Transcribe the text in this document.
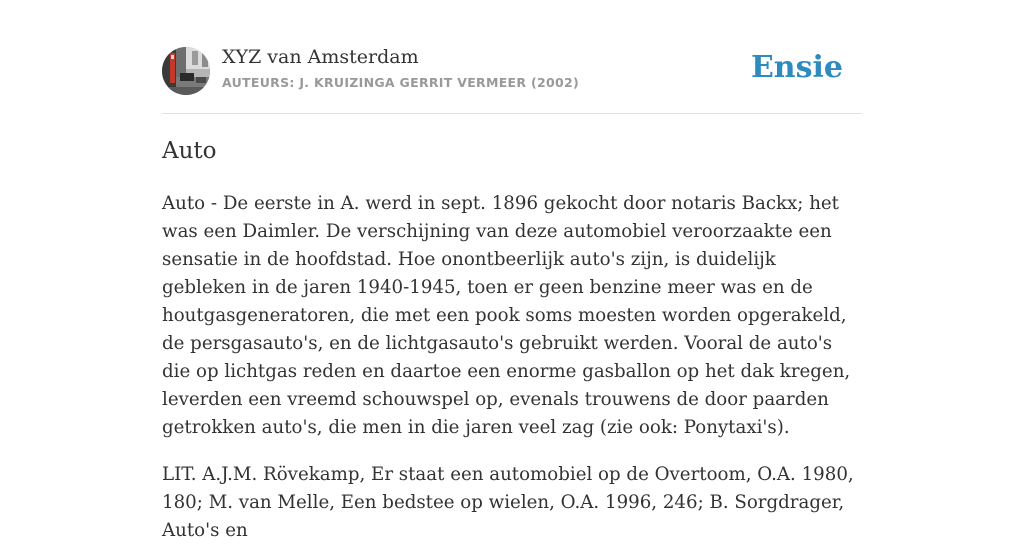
XYZ van Amsterdam
AUTEURS: J. KRUIZINGA GERRIT VERMEER (2002)	Ensie
Auto

Auto - De eerste in A. werd in sept. 1896 gekocht door notaris Backx; het was een Daimler. De verschijning van deze automobiel veroorzaakte een sensatie in de hoofdstad. Hoe onontbeerlijk auto's zijn, is duidelijk gebleken in de jaren 1940-1945, toen er geen benzine meer was en de houtgasgeneratoren, die met een pook soms moesten worden opgerakeld, de persgasauto's, en de lichtgasauto's gebruikt werden. Vooral de auto's die op lichtgas reden en daartoe een enorme gasballon op het dak kregen, leverden een vreemd schouwspel op, evenals trouwens de door paarden getrokken auto's, die men in die jaren veel zag (zie ook: Ponytaxi's).

LIT. A.J.M. Rövekamp, Er staat een automobiel op de Overtoom, O.A. 1980, 180; M. van Melle, Een bedstee op wielen, O.A. 1996, 246; B. Sorgdrager, Auto's en
